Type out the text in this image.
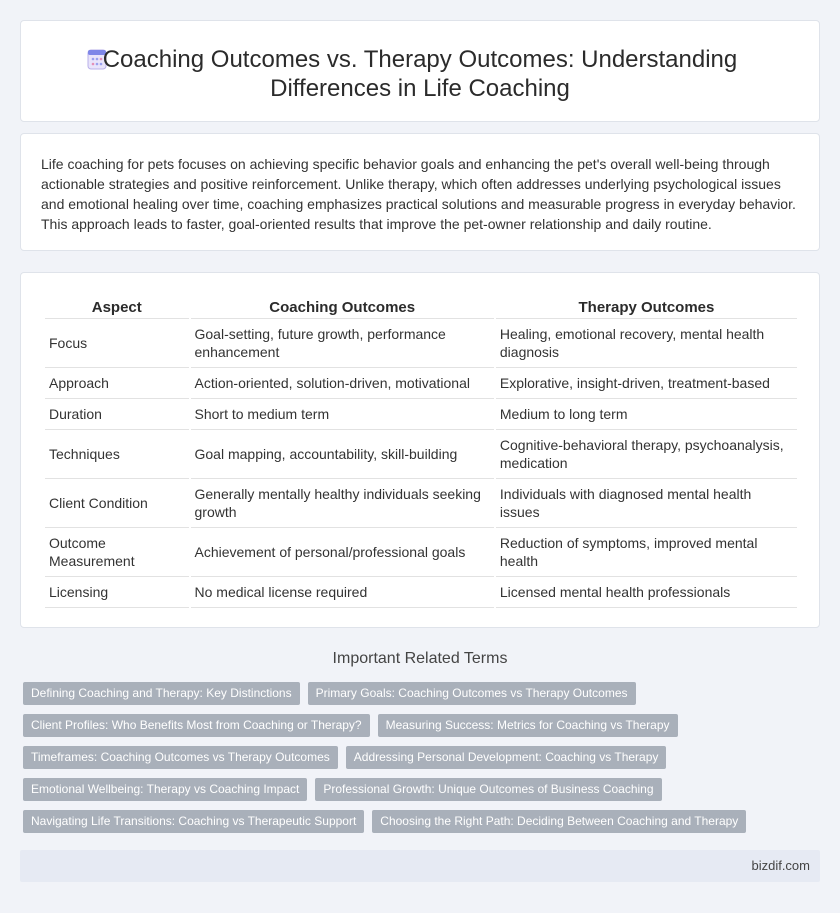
Coaching Outcomes vs. Therapy Outcomes: Understanding Differences in Life Coaching

Life coaching for pets focuses on achieving specific behavior goals and enhancing the pet's overall well-being through actionable strategies and positive reinforcement. Unlike therapy, which often addresses underlying psychological issues and emotional healing over time, coaching emphasizes practical solutions and measurable progress in everyday behavior. This approach leads to faster, goal-oriented results that improve the pet-owner relationship and daily routine.

Aspect	Coaching Outcomes	Therapy Outcomes
Focus	Goal-setting, future growth, performance enhancement	Healing, emotional recovery, mental health diagnosis
Approach	Action-oriented, solution-driven, motivational	Explorative, insight-driven, treatment-based
Duration	Short to medium term	Medium to long term
Techniques	Goal mapping, accountability, skill-building	Cognitive-behavioral therapy, psychoanalysis, medication
Client Condition	Generally mentally healthy individuals seeking growth	Individuals with diagnosed mental health issues
Outcome Measurement	Achievement of personal/professional goals	Reduction of symptoms, improved mental health
Licensing	No medical license required	Licensed mental health professionals
Important Related Terms
Defining Coaching and Therapy: Key Distinctions	Primary Goals: Coaching Outcomes vs Therapy Outcomes
Client Profiles: Who Benefits Most from Coaching or Therapy?	Measuring Success: Metrics for Coaching vs Therapy
Timeframes: Coaching Outcomes vs Therapy Outcomes	Addressing Personal Development: Coaching vs Therapy
Emotional Wellbeing: Therapy vs Coaching Impact	Professional Growth: Unique Outcomes of Business Coaching
Navigating Life Transitions: Coaching vs Therapeutic Support	Choosing the Right Path: Deciding Between Coaching and Therapy
bizdif.com
